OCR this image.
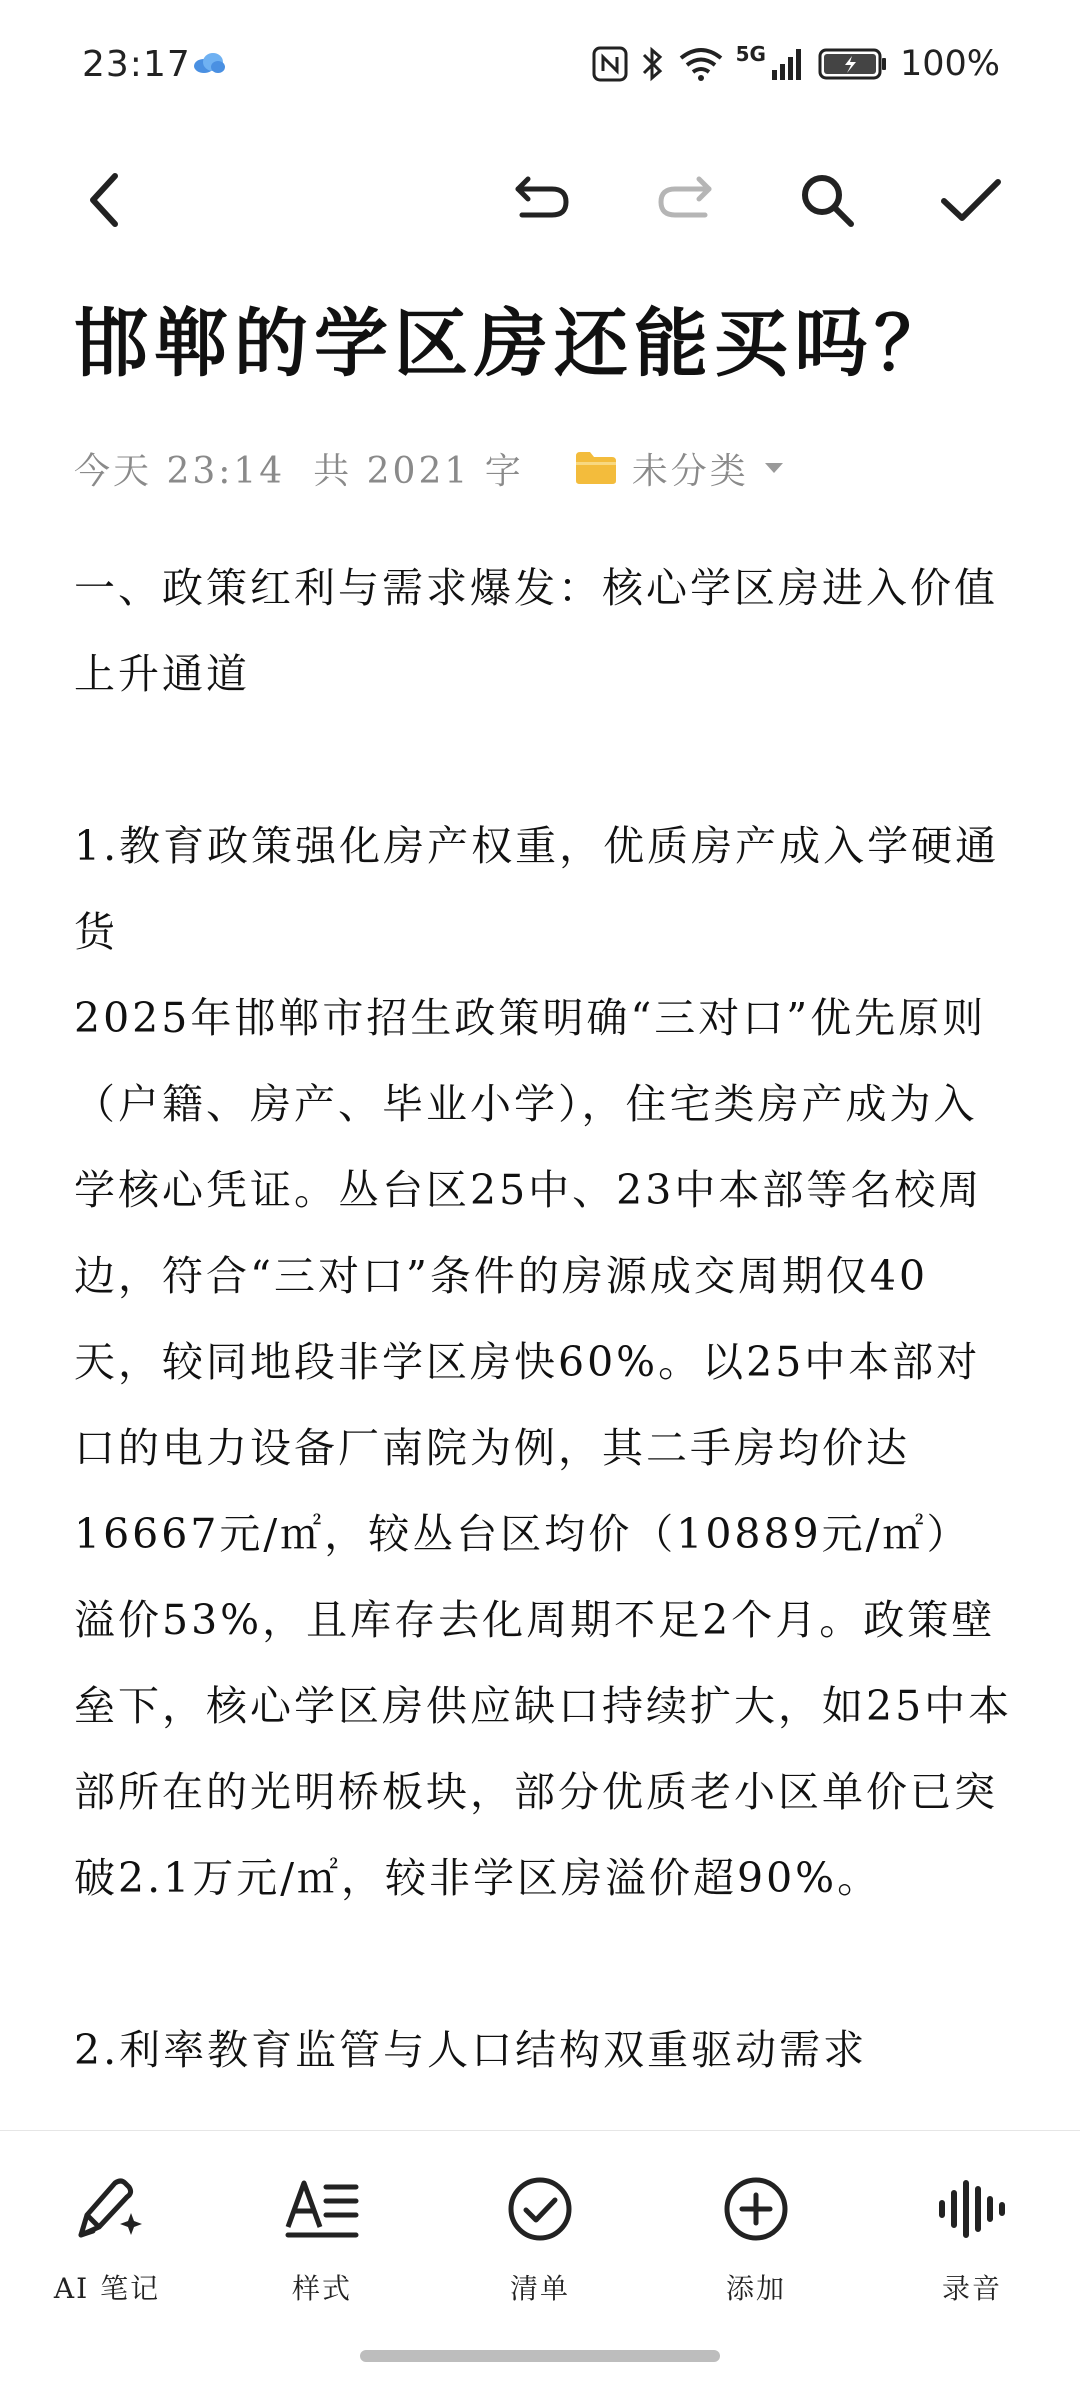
23:17	5G	100%
邯郸的学区房还能买吗？
今天 23:14 共 2021 字	未分类

一、政策红利与需求爆发：核心学区房进入价值上升通道

1.教育政策强化房产权重，优质房产成入学硬通货

2025年邯郸市招生政策明确“三对口”优先原则（户籍、房产、毕业小学），住宅类房产成为入学核心凭证。丛台区25中、23中本部等名校周边，符合“三对口”条件的房源成交周期仅40天，较同地段非学区房快60%。以25中本部对口的电力设备厂南院为例，其二手房均价达16667元/㎡，较丛台区均价（10889元/㎡）溢价53%，且库存去化周期不足2个月。政策壁垒下，核心学区房供应缺口持续扩大，如25中本部所在的光明桥板块，部分优质老小区单价已突破2.1万元/㎡，较非学区房溢价超90%。

2.利率教育监管与人口结构双重驱动需求

AI 笔记	样式	清单	添加	录音
